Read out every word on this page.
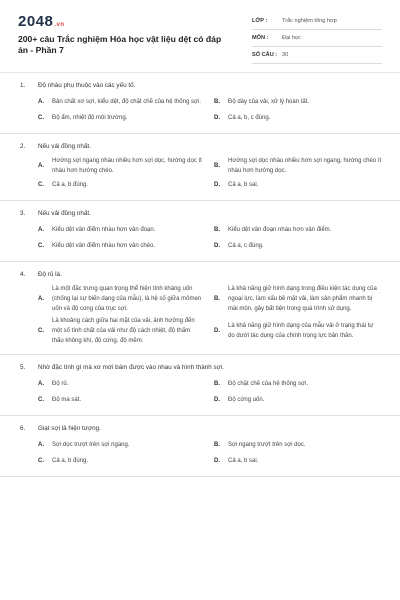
2048.vn
200+ câu Trắc nghiệm Hóa học vật liệu dệt có đáp án - Phần 7
LỚP :	Trắc nghiệm tổng hợp
MÔN :	Đại học
SỐ CÂU : 30
1.	Độ nhàu phụ thuộc vào các yếu tố.
A.	Bản chất xơ sợi, kiểu dệt, độ chặt chẽ của hệ thống sợi.	B.	Độ dày của vải, xử lý hoàn tất.
C.	Độ ẩm, nhiệt độ môi trường.	D.	Cả a, b, c đúng.
2.	Nếu vải đồng nhất.
A.
Hướng sợi ngang nhàu nhiều hơn sợi dọc, hướng dọc ít nhàu hơn hướng chéo.
B.
Hướng sợi dọc nhàu nhiều hơn sợi ngang, hướng chéo ít nhàu hơn hướng dọc.
C.	Cả a, b đúng.	D.	Cả a, b sai.
3.	Nếu vải đồng nhất.
A.	Kiểu dệt vân điểm nhàu hơn vân đoạn.	B.	Kiểu dệt vân đoạn nhàu hơn vân điểm.
C.	Kiểu dệt vân điểm nhàu hơn vân chéo.	D.	Cả a, c đúng.
4.	Độ rủ là.
A.
Là một đặc trưng quan trọng thể hiện tính kháng uốn (chống lại sự biến dạng của mẫu), là hệ số giữa mômen uốn và độ cong của trục sợi.
B.
Là khả năng giữ hình dạng trong điều kiện tác dụng của ngoại lực, làm xấu bề mặt vải, làm sản phẩm nhanh bị mài mòn, gây bất tiện trong quá trình sử dụng.
C.
Là khoảng cách giữa hai mặt của vải, ảnh hưởng đến một số tính chất của vải như độ cách nhiệt, độ thấm thấu không khí, độ cứng, độ mềm.
D.
Là khả năng giữ hình dạng của mẫu vải ở trạng thái tự do dưới tác dụng của chính trọng lực bản thân.
5.	Nhờ đặc tính gì mà xơ mới bám được vào nhau và hình thành sợi.
A.	Độ rủ.	B.	Độ chặt chẽ của hệ thống sợi.
C.	Độ ma sát.	D.	Độ cứng uốn.
6.	Giạt sợi là hiện tượng.
A.	Sợi dọc trượt trên sợi ngang.	B.	Sợi ngang trượt trên sợi dọc.
C.	Cả a, b đúng.	D.	Cả a, b sai.
